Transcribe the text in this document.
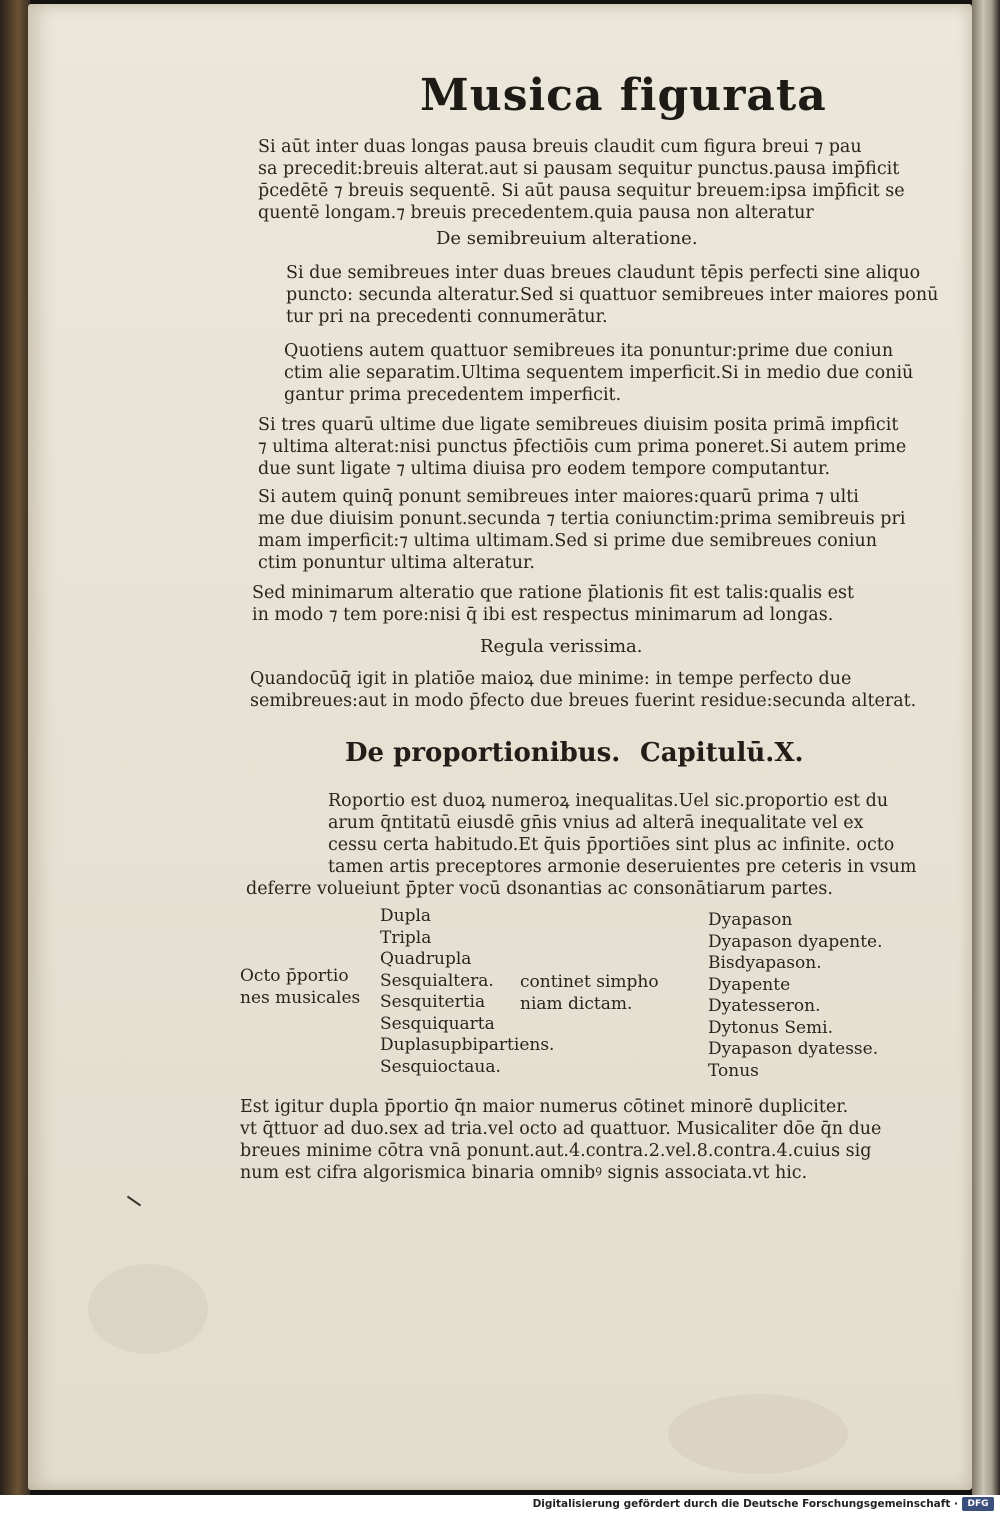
Musica figurata
Si aūt inter duas longas pausa breuis claudit cum figura breui ⁊ pau
sa precedit:breuis alterat.aut si pausam sequitur punctus.pausa imp̄ficit
p̄cedētē ⁊ breuis sequentē. Si aūt pausa sequitur breuem:ipsa imp̄ficit se
quentē longam.⁊ breuis precedentem.quia pausa non alteratur
De semibreuium alteratione.
Si due semibreues inter duas breues claudunt tēpis perfecti sine aliquo
puncto: secunda alteratur.Sed si quattuor semibreues inter maiores ponū
tur pri na precedenti connumerātur.
Quotiens autem quattuor semibreues ita ponuntur:prime due coniun
ctim alie separatim.Ultima sequentem imperficit.Si in medio due coniū
gantur prima precedentem imperficit.
Si tres quarū ultime due ligate semibreues diuisim posita primā impficit
⁊ ultima alterat:nisi punctus p̄fectiōis cum prima poneret.Si autem prime
due sunt ligate ⁊ ultima diuisa pro eodem tempore computantur.
Si autem quinq̄ ponunt semibreues inter maiores:quarū prima ⁊ ulti
me due diuisim ponunt.secunda ⁊ tertia coniunctim:prima semibreuis pri
mam imperficit:⁊ ultima ultimam.Sed si prime due semibreues coniun
ctim ponuntur ultima alteratur.
Sed minimarum alteratio que ratione p̄lationis fit est talis:qualis est
in modo ⁊ tem pore:nisi q̄ ibi est respectus minimarum ad longas.
Regula verissima.
Quandocūq̄ igit in platiōe maioꝝ due minime: in tempe perfecto due
semibreues:aut in modo p̄fecto due breues fuerint residue:secunda alterat.
De proportionibus. Capitulū.X.
Roportio est duoꝝ numeroꝝ inequalitas.Uel sic.proportio est du
arum q̄ntitatū eiusdē gn̄is vnius ad alterā inequalitate vel ex
cessu certa habitudo.Et q̄uis p̄portiōes sint plus ac infinite. octo
tamen artis preceptores armonie deseruientes pre ceteris in vsum
deferre volueiunt p̄pter vocū dsonantias ac consonātiarum partes.
Octo p̄portio
nes musicales
Dupla
Tripla
Quadrupla
Sesquialtera.
Sesquitertia
Sesquiquarta
Duplasupbipartiens.
Sesquioctaua.
continet simpho
niam dictam.
Dyapason
Dyapason dyapente.
Bisdyapason.
Dyapente
Dyatesseron.
Dytonus Semi.
Dyapason dyatesse.
Tonus
Est igitur dupla p̄portio q̄n maior numerus cōtinet minorē dupliciter.
vt q̄ttuor ad duo.sex ad tria.vel octo ad quattuor. Musicaliter dōe q̄n due
breues minime cōtra vnā ponunt.aut.4.contra.2.vel.8.contra.4.cuius sig
num est cifra algorismica binaria omnibꝰ signis associata.vt hic.
Digitalisierung gefördert durch die Deutsche Forschungsgemeinschaft ·	DFG
